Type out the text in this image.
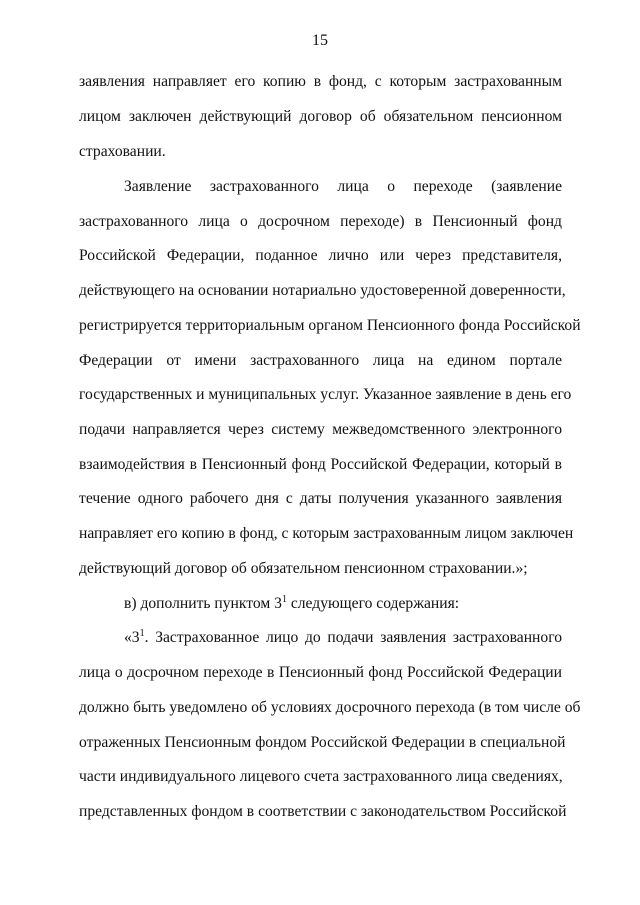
15
заявления направляет его копию в фонд, с которым застрахованным
лицом заключен действующий договор об обязательном пенсионном
страховании.
Заявление застрахованного лица о переходе (заявление
застрахованного лица о досрочном переходе) в Пенсионный фонд
Российской Федерации, поданное лично или через представителя,
действующего на основании нотариально удостоверенной доверенности,
регистрируется территориальным органом Пенсионного фонда Российской
Федерации от имени застрахованного лица на едином портале
государственных и муниципальных услуг. Указанное заявление в день его
подачи направляется через систему межведомственного электронного
взаимодействия в Пенсионный фонд Российской Федерации, который в
течение одного рабочего дня с даты получения указанного заявления
направляет его копию в фонд, с которым застрахованным лицом заключен
действующий договор об обязательном пенсионном страховании.»;
в) дополнить пунктом $3^1$ следующего содержания:
«$3^1$. Застрахованное лицо до подачи заявления застрахованного
лица о досрочном переходе в Пенсионный фонд Российской Федерации
должно быть уведомлено об условиях досрочного перехода (в том числе об
отраженных Пенсионным фондом Российской Федерации в специальной
части индивидуального лицевого счета застрахованного лица сведениях,
представленных фондом в соответствии с законодательством Российской
